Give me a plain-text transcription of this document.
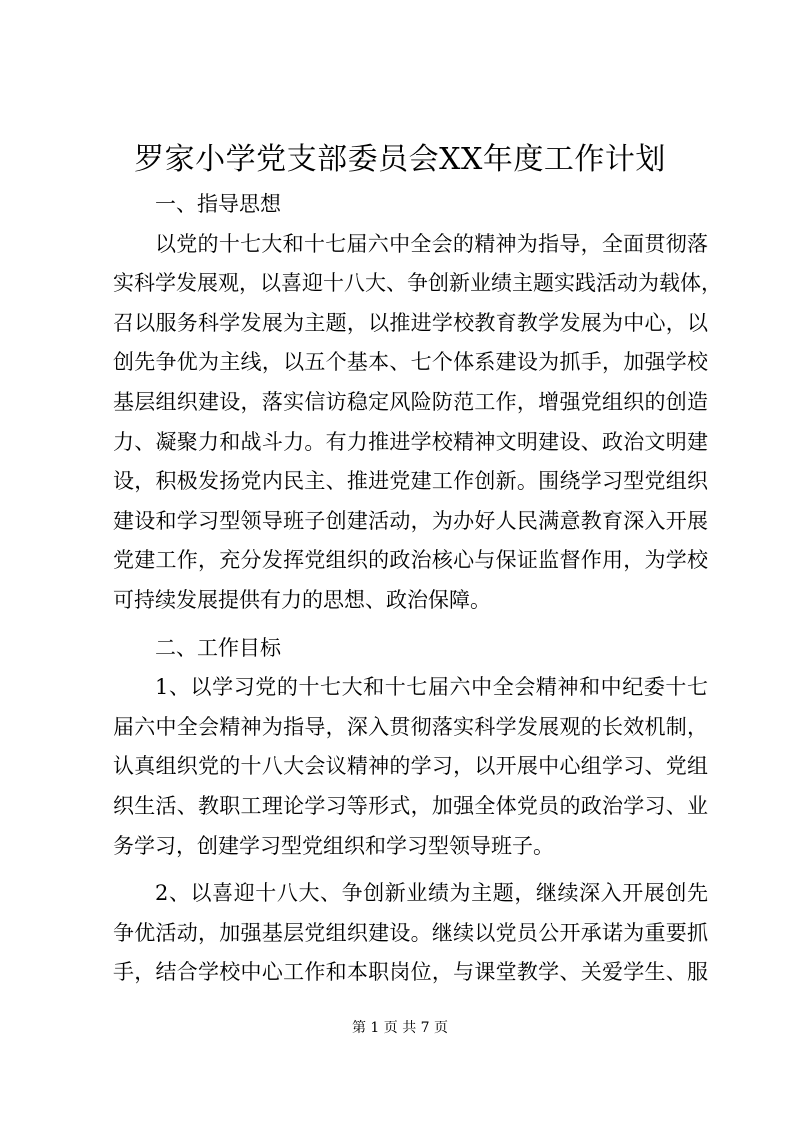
罗家小学党支部委员会XX年度工作计划
一、指导思想
以党的十七大和十七届六中全会的精神为指导，全面贯彻落
实科学发展观，以喜迎十八大、争创新业绩主题实践活动为载体，
召以服务科学发展为主题，以推进学校教育教学发展为中心，以
创先争优为主线，以五个基本、七个体系建设为抓手，加强学校
基层组织建设，落实信访稳定风险防范工作，增强党组织的创造
力、凝聚力和战斗力。有力推进学校精神文明建设、政治文明建
设，积极发扬党内民主、推进党建工作创新。围绕学习型党组织
建设和学习型领导班子创建活动，为办好人民满意教育深入开展
党建工作，充分发挥党组织的政治核心与保证监督作用，为学校
可持续发展提供有力的思想、政治保障。
二、工作目标
1、以学习党的十七大和十七届六中全会精神和中纪委十七
届六中全会精神为指导，深入贯彻落实科学发展观的长效机制，
认真组织党的十八大会议精神的学习，以开展中心组学习、党组
织生活、教职工理论学习等形式，加强全体党员的政治学习、业
务学习，创建学习型党组织和学习型领导班子。
2、以喜迎十八大、争创新业绩为主题，继续深入开展创先
争优活动，加强基层党组织建设。继续以党员公开承诺为重要抓
手，结合学校中心工作和本职岗位，与课堂教学、关爱学生、服
第 1 页 共 7 页
